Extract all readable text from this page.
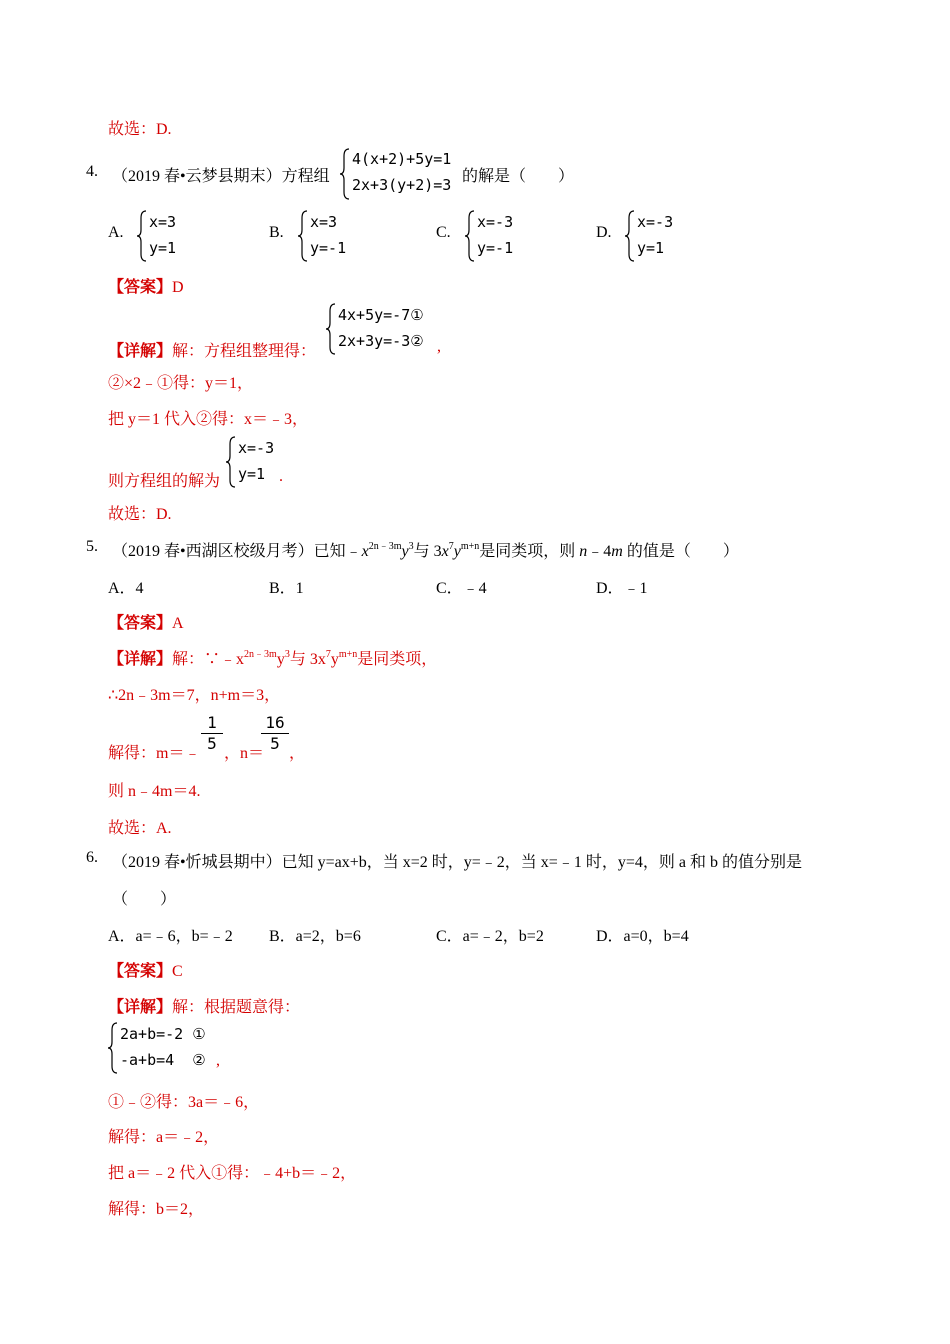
故选：D.
4. （2019 春•云梦县期末）方程组
4(x+2)+5y=1
2x+3(y+2)=3 的解是（　　）
A.
x=3
y=1
B.
x=3
y=-1
C.
x=-3
y=-1
D.
x=-3
y=1
【答案】D
【详解】解：方程组整理得：
4x+5y=-7①
2x+3y=-3② ,
②×2﹣①得：y＝1，
把 y＝1 代入②得：x＝﹣3，
则方程组的解为
x=-3
y=1 .
故选：D.
5. （2019 春•西湖区校级月考）已知$﹣x^{2n﹣3m}y^3$与 $3x^7y^{m+n}$是同类项，则 n﹣4m 的值是（　　）
A．4	B．1	C．﹣4	D．﹣1
【答案】A
【详解】解：$\because﹣x^{2n﹣3m}y^3$与 $3x^7y^{m+n}$是同类项，
∴2n﹣3m＝7，n+m＝3，
解得：m＝﹣ $\frac{1}{5}$ ，n＝
$\frac{16}{5}$ ，
则 n﹣4m＝4.
故选：A.
6. （2019 春•忻城县期中）已知 y=ax+b，当 x=2 时，y=﹣2，当 x=﹣1 时，y=4，则 a 和 b 的值分别是
（　　）
A．a=﹣6，b=﹣2 B．a=2，b=6	C．a=﹣2，b=2	D．a=0，b=4
【答案】C
【详解】解：根据题意得：
2a+b=-2 ①
-a+b=4  ② ,
①﹣②得：3a＝﹣6，
解得：a＝﹣2，
把 a＝﹣2 代入①得：﹣4+b＝﹣2，
解得：b＝2，
